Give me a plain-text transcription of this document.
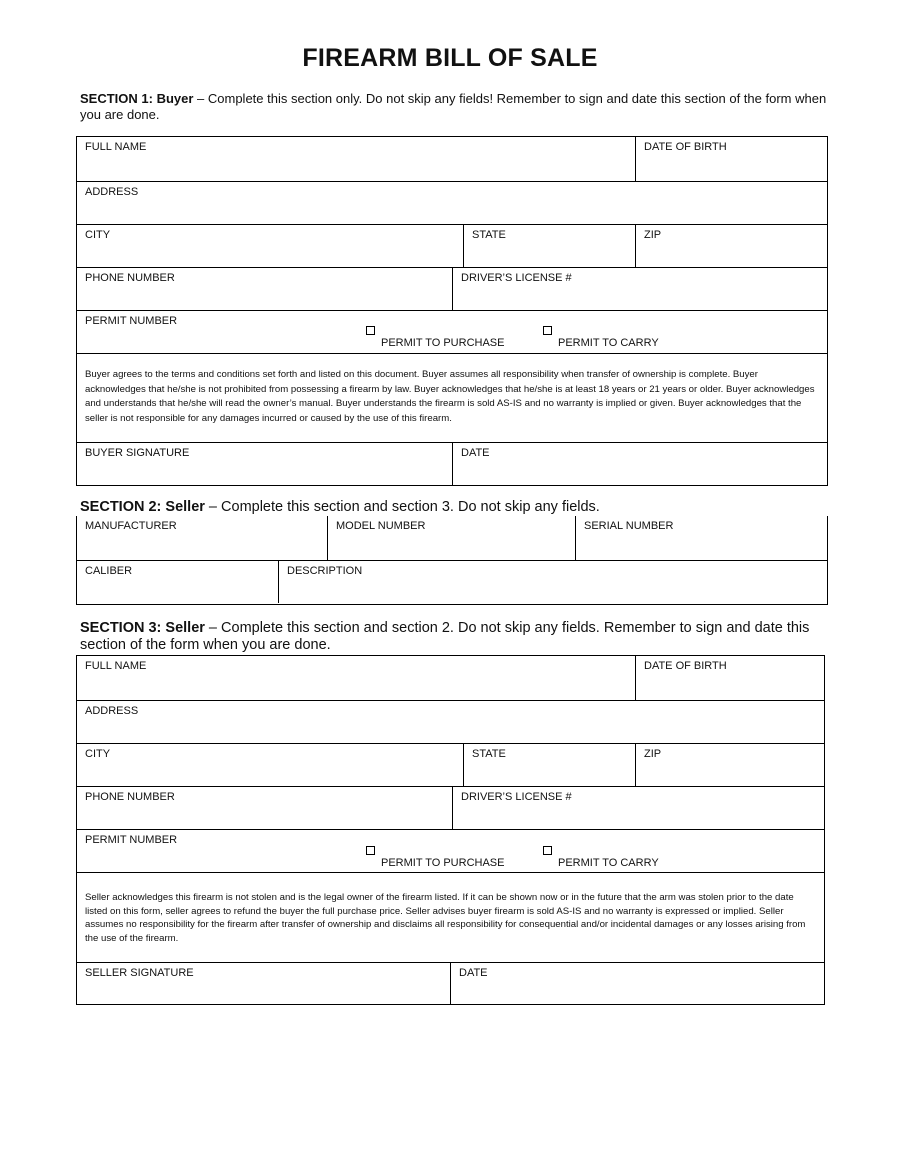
FIREARM BILL OF SALE
SECTION 1: Buyer – Complete this section only. Do not skip any fields! Remember to sign and date this section of the form when you are done.
FULL NAME	DATE OF BIRTH
ADDRESS
CITY	STATE	ZIP
PHONE NUMBER	DRIVER’S LICENSE #
PERMIT NUMBER
PERMIT TO PURCHASE	PERMIT TO CARRY
Buyer agrees to the terms and conditions set forth and listed on this document. Buyer assumes all responsibility when transfer of ownership is complete. Buyer acknowledges that he/she is not prohibited from possessing a firearm by law. Buyer acknowledges that he/she is at least 18 years or 21 years or older. Buyer acknowledges and understands that he/she will read the owner’s manual. Buyer understands the firearm is sold AS-IS and no warranty is implied or given. Buyer acknowledges that the seller is not responsible for any damages incurred or caused by the use of this firearm.
BUYER SIGNATURE	DATE
SECTION 2: Seller – Complete this section and section 3. Do not skip any fields.
MANUFACTURER	MODEL NUMBER	SERIAL NUMBER
CALIBER	DESCRIPTION
SECTION 3: Seller – Complete this section and section 2. Do not skip any fields. Remember to sign and date this section of the form when you are done.
FULL NAME	DATE OF BIRTH
ADDRESS
CITY	STATE	ZIP
PHONE NUMBER	DRIVER’S LICENSE #
PERMIT NUMBER
PERMIT TO PURCHASE	PERMIT TO CARRY
Seller acknowledges this firearm is not stolen and is the legal owner of the firearm listed. If it can be shown now or in the future that the arm was stolen prior to the date listed on this form, seller agrees to refund the buyer the full purchase price. Seller advises buyer firearm is sold AS-IS and no warranty is expressed or implied. Seller assumes no responsibility for the firearm after transfer of ownership and disclaims all responsibility for consequential and/or incidental damages or any losses arising from the use of the firearm.
SELLER SIGNATURE	DATE
